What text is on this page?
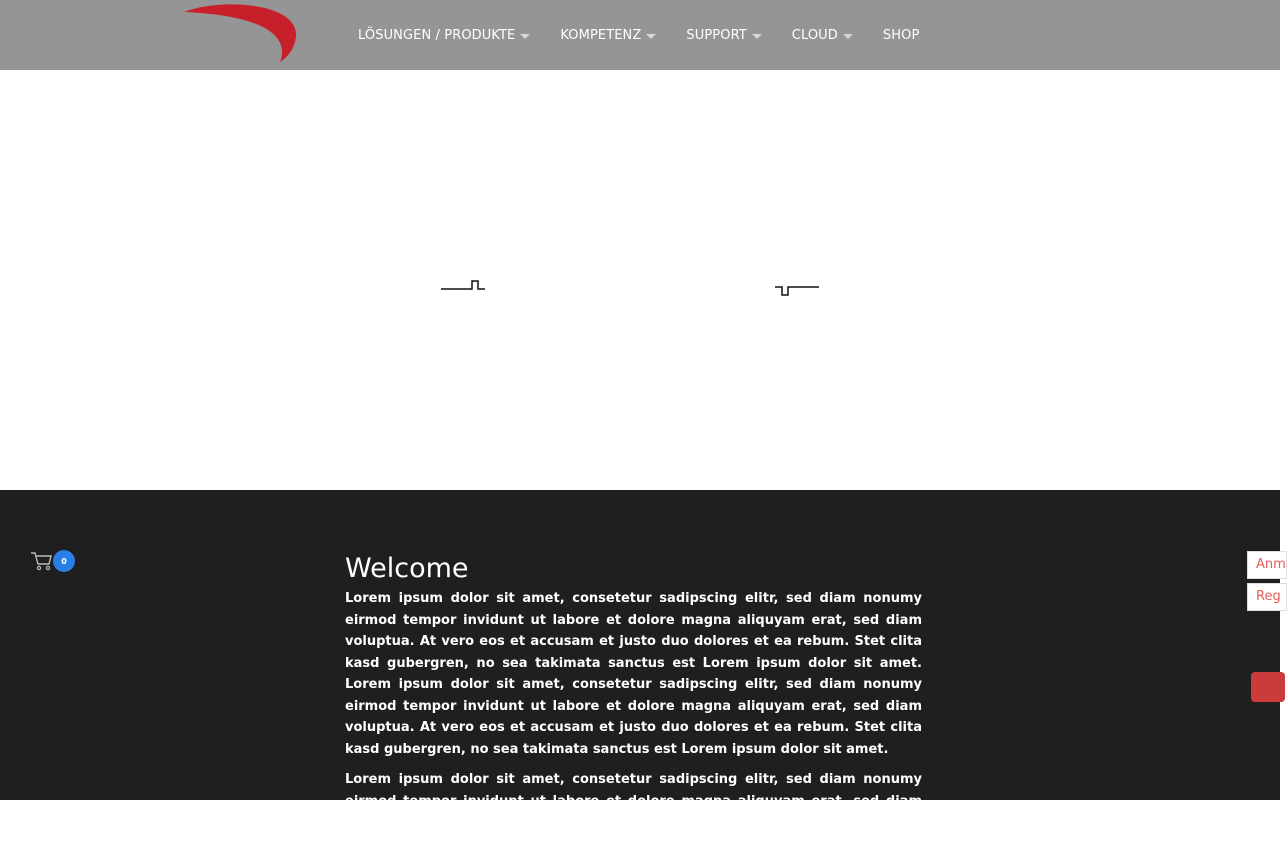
LÖSUNGEN / PRODUKTE	KOMPETENZ	SUPPORT	CLOUD	SHOP
0	Welcome

Lorem ipsum dolor sit amet, consetetur sadipscing elitr, sed diam nonumy eirmod tempor invidunt ut labore et dolore magna aliquyam erat, sed diam voluptua. At vero eos et accusam et justo duo dolores et ea rebum. Stet clita kasd gubergren, no sea takimata sanctus est Lorem ipsum dolor sit amet. Lorem ipsum dolor sit amet, consetetur sadipscing elitr, sed diam nonumy eirmod tempor invidunt ut labore et dolore magna aliquyam erat, sed diam voluptua. At vero eos et accusam et justo duo dolores et ea rebum. Stet clita kasd gubergren, no sea takimata sanctus est Lorem ipsum dolor sit amet.

Lorem ipsum dolor sit amet, consetetur sadipscing elitr, sed diam nonumy eirmod tempor invidunt ut labore et dolore magna aliquyam erat, sed diam voluptua. At

Anm
Reg
